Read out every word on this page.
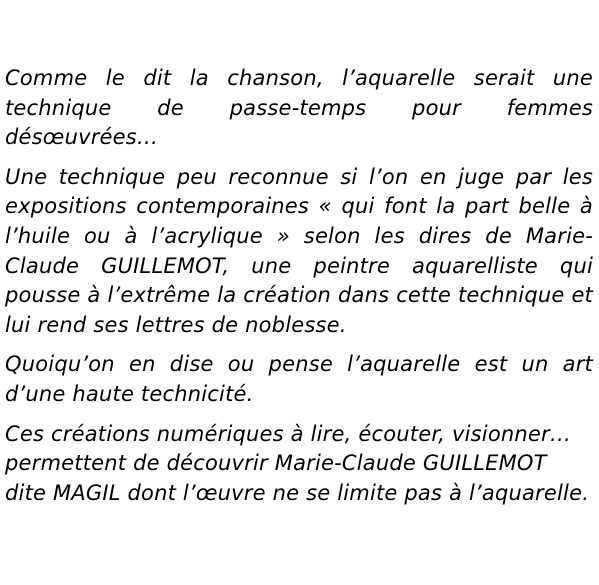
Comme le dit la chanson, l’aquarelle serait une technique de passe-temps pour femmes désœuvrées…

Une technique peu reconnue si l’on en juge par les expositions contemporaines « qui font la part belle à l’huile ou à l’acrylique » selon les dires de Marie-Claude GUILLEMOT, une peintre aquarelliste qui pousse à l’extrême la création dans cette technique et lui rend ses lettres de noblesse.

Quoiqu’on en dise ou pense l’aquarelle est un art d’une haute technicité.

Ces créations numériques à lire, écouter, visionner… permettent de découvrir Marie-Claude GUILLEMOT dite MAGIL dont l’œuvre ne se limite pas à l’aquarelle.
